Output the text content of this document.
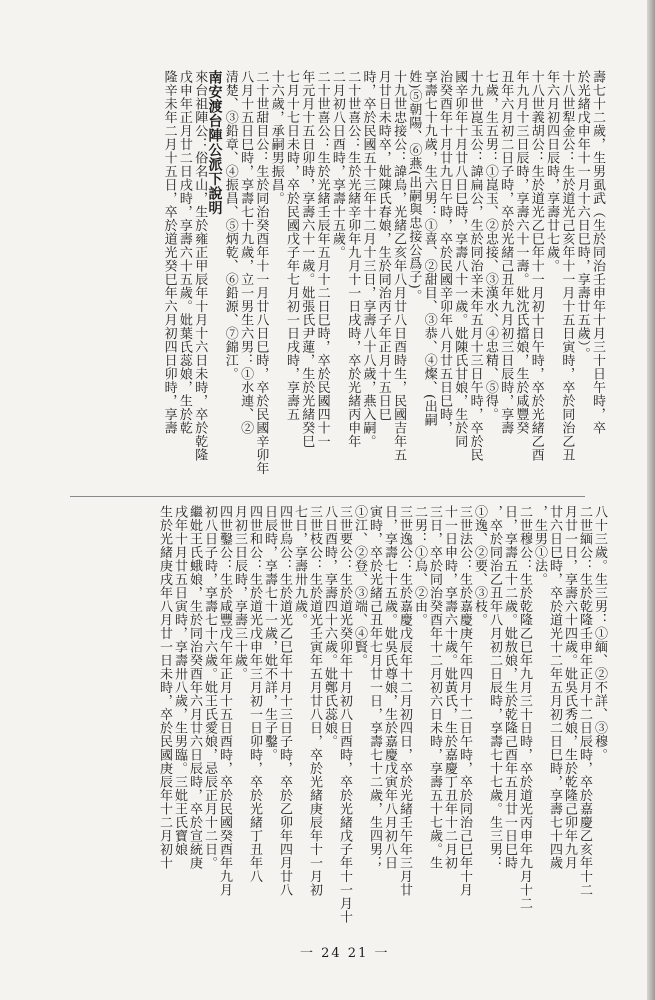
壽七十二歲，生男虱武（生於同治壬申年十月三十日午時，卒
於光緒戊申年十一月十六日巳時，享壽廿五歲）。
十八世犁金公：生於道光己亥年十一月十五日寅時，卒於同治乙丑
年六月初四日辰時，享壽廿七歲。
十八世義胡公：生於道光乙巳年十一月初十日午時，卒於光緒乙酉
年九月十三日辰時，享壽六十一壽。妣沈氏擋娘，生於咸豐癸
丑年六月初二日子時，卒於光緒己丑年九月初三日辰時，享壽
七歲，生五男：①崑玉、②忠接、③漢水、④忠精、⑤得。
十九世崑玉公：諱扁公，生於同治辛未年五月十三日午時，卒於民
國辛卯年十月廿八日巳時，享壽八十一歲。妣陳氏甘娘，生於同
治癸酉年十月廿九日午時，卒於民國辛卯年八月廿五日巳時，
享壽七十九歲，生六男：①喜、②甜目、③恭、④燦、(出嗣
姓)⑤朝陽、⑥燕(出嗣與忠接公爲子)。
十九世忠接公：諱烏，光緒乙亥年八月廿八日酉時生，民國吉年五
月廿日未時卒，妣陳氏春娘，生於同治丙子年正月十五日巳
時，卒於民國五十三年十二月十三日，享壽八十八歲，燕入嗣。
二十世喜公：生於光緒辛卯年九月十一日戌時，卒於光緒丙申年
二月初八日酉時，享壽十五歲。
二十世喜公：生於光緒壬辰年五月十二日巳時，卒於民國四十一
年元月十五日卯時，享壽六十一歲。妣張氏尹蓮，生於光緒癸巳
七月十七日未時，卒於民國戊子年七月初一日戌時，享壽五
十六歲，承嗣男振昌。
二十世甜目公：生於同治癸酉年十一月廿八日巳時，卒於民國辛卯年
八月十五日巳時，享壽七十九歲，立一男生六男：①水連、②
清楚、③鉛章、④振昌、⑤炳乾、⑥鉛源、⑦錦江。
南安渡台陣公派下說明
來台祖陣公：俗名山，生於雍正甲辰年十月十六日未時，卒於乾隆
戊申年正月廿二日戌時，享壽六十五歲。妣葉氏蕊娘，生於乾
隆辛未年二月十五日，卒於道光癸巳年六月初四日卯時，享壽
八十三歲。生三男：①緬、②不詳、③穆。
二世緬公：生於乾隆壬申年正月十二日辰時，卒於嘉慶乙亥年十二
月廿一日，享壽六十四歲。妣吳氏秀娘，生於乾隆己卯年九月
廿六日巳時，卒於道光十二年五月初二日巳時，享壽七十四歲
，生男①法。
二世穆公：生於乾隆乙巳年九月三十日時，卒於道光丙申年九月十二
日，享壽五十二歲。妣敖娘，生於乾隆己酉年五月廿一日巳時
，卒於同治乙丑年八月初二日辰時，享壽七十七歲。生三男：
①逸、②要、③枝。
三世法公：生於嘉慶庚午年四月十二日午時，卒於同治己巳年十月
十一日申時，享壽六十歲。妣黃氏，生於嘉慶丁丑年十二月初
三日，卒於同治癸酉年十二月初六日未時，享壽五十七歲。生
二男：①烏、②由。
三世逸公：生於嘉慶戊辰年十二月初四日，卒於光緒壬午年三月廿
日，享壽七十五歲。妣吳氏尊娘，生於嘉慶戊寅年八月初八日
寅時，卒於光緒己丑年七月廿一日，享壽七十二歲，生四男；
①江、②登、③端、④賢。
三世要公：生於道光癸卯年十月初八日酉時，卒於光緒戊子年十一月十
八日酉時，享壽四十六歲。妣鄭氏蕊娘。
三世枝公：生於道光壬寅年五月廿八日，卒於光緒庚辰年十一月初
七日，享壽卅九歲。
四世烏公：生於道光乙巳年十月十三日子時，卒於乙卯年四月廿八
日辰時，享壽七十一歲，妣不詳，生子鑿。
四世和公：生於道光戊申年三月初一日卯時，卒於光緒丁丑年八
月初三日辰時，享壽三十歲。
四世鑿公：生於咸豐戊午年正月十五日酉時，卒於民國癸酉年九月
初八日子時，享壽七十六歲。妣王氏愛娘，忌辰正月十二日。
繼妣王氏蛾娘，生於同治癸酉年六月廿六日辰時，卒於宣統庚
戌年十月廿五日寅時，享壽卅八歲，生男臨。三妣王氏寶娘
生於光緒庚戌年八月廿一日未時，卒於民國庚辰年十二月初十
一 24 21 一
